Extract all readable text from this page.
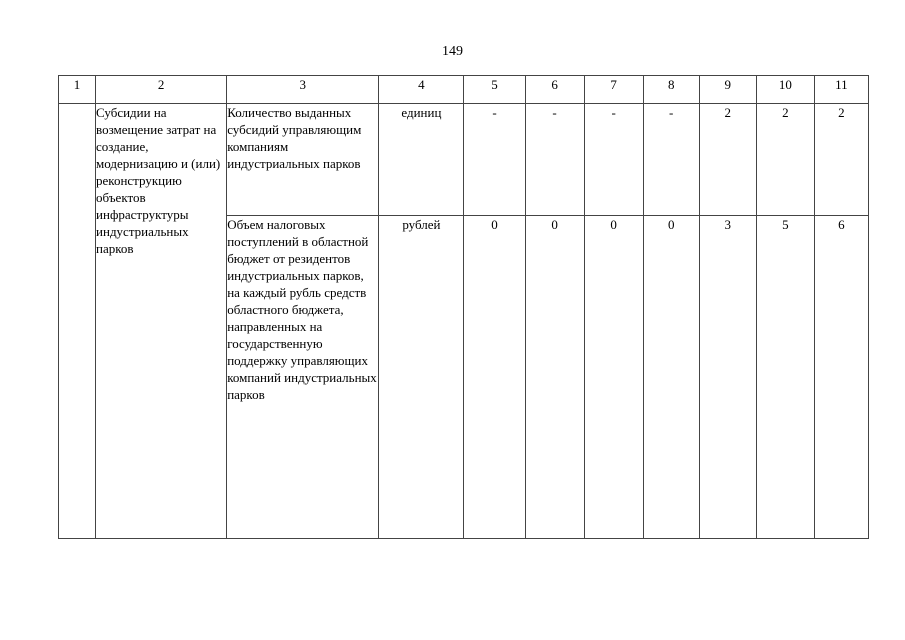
149
1	2	3	4	5	6	7	8	9	10	11
	Субсидии на возмещение затрат на создание, модернизацию и (или) реконструкцию объектов инфраструктуры индустриальных парков	Количество выданных субсидий управляющим компаниям индустриальных парков	единиц	-	-	-	-	2	2	2
		Объем налоговых поступлений в областной бюджет от резидентов индустриальных парков, на каждый рубль средств областного бюджета, направленных на государственную поддержку управляющих компаний индустриальных парков	рублей	0	0	0	0	3	5	6
